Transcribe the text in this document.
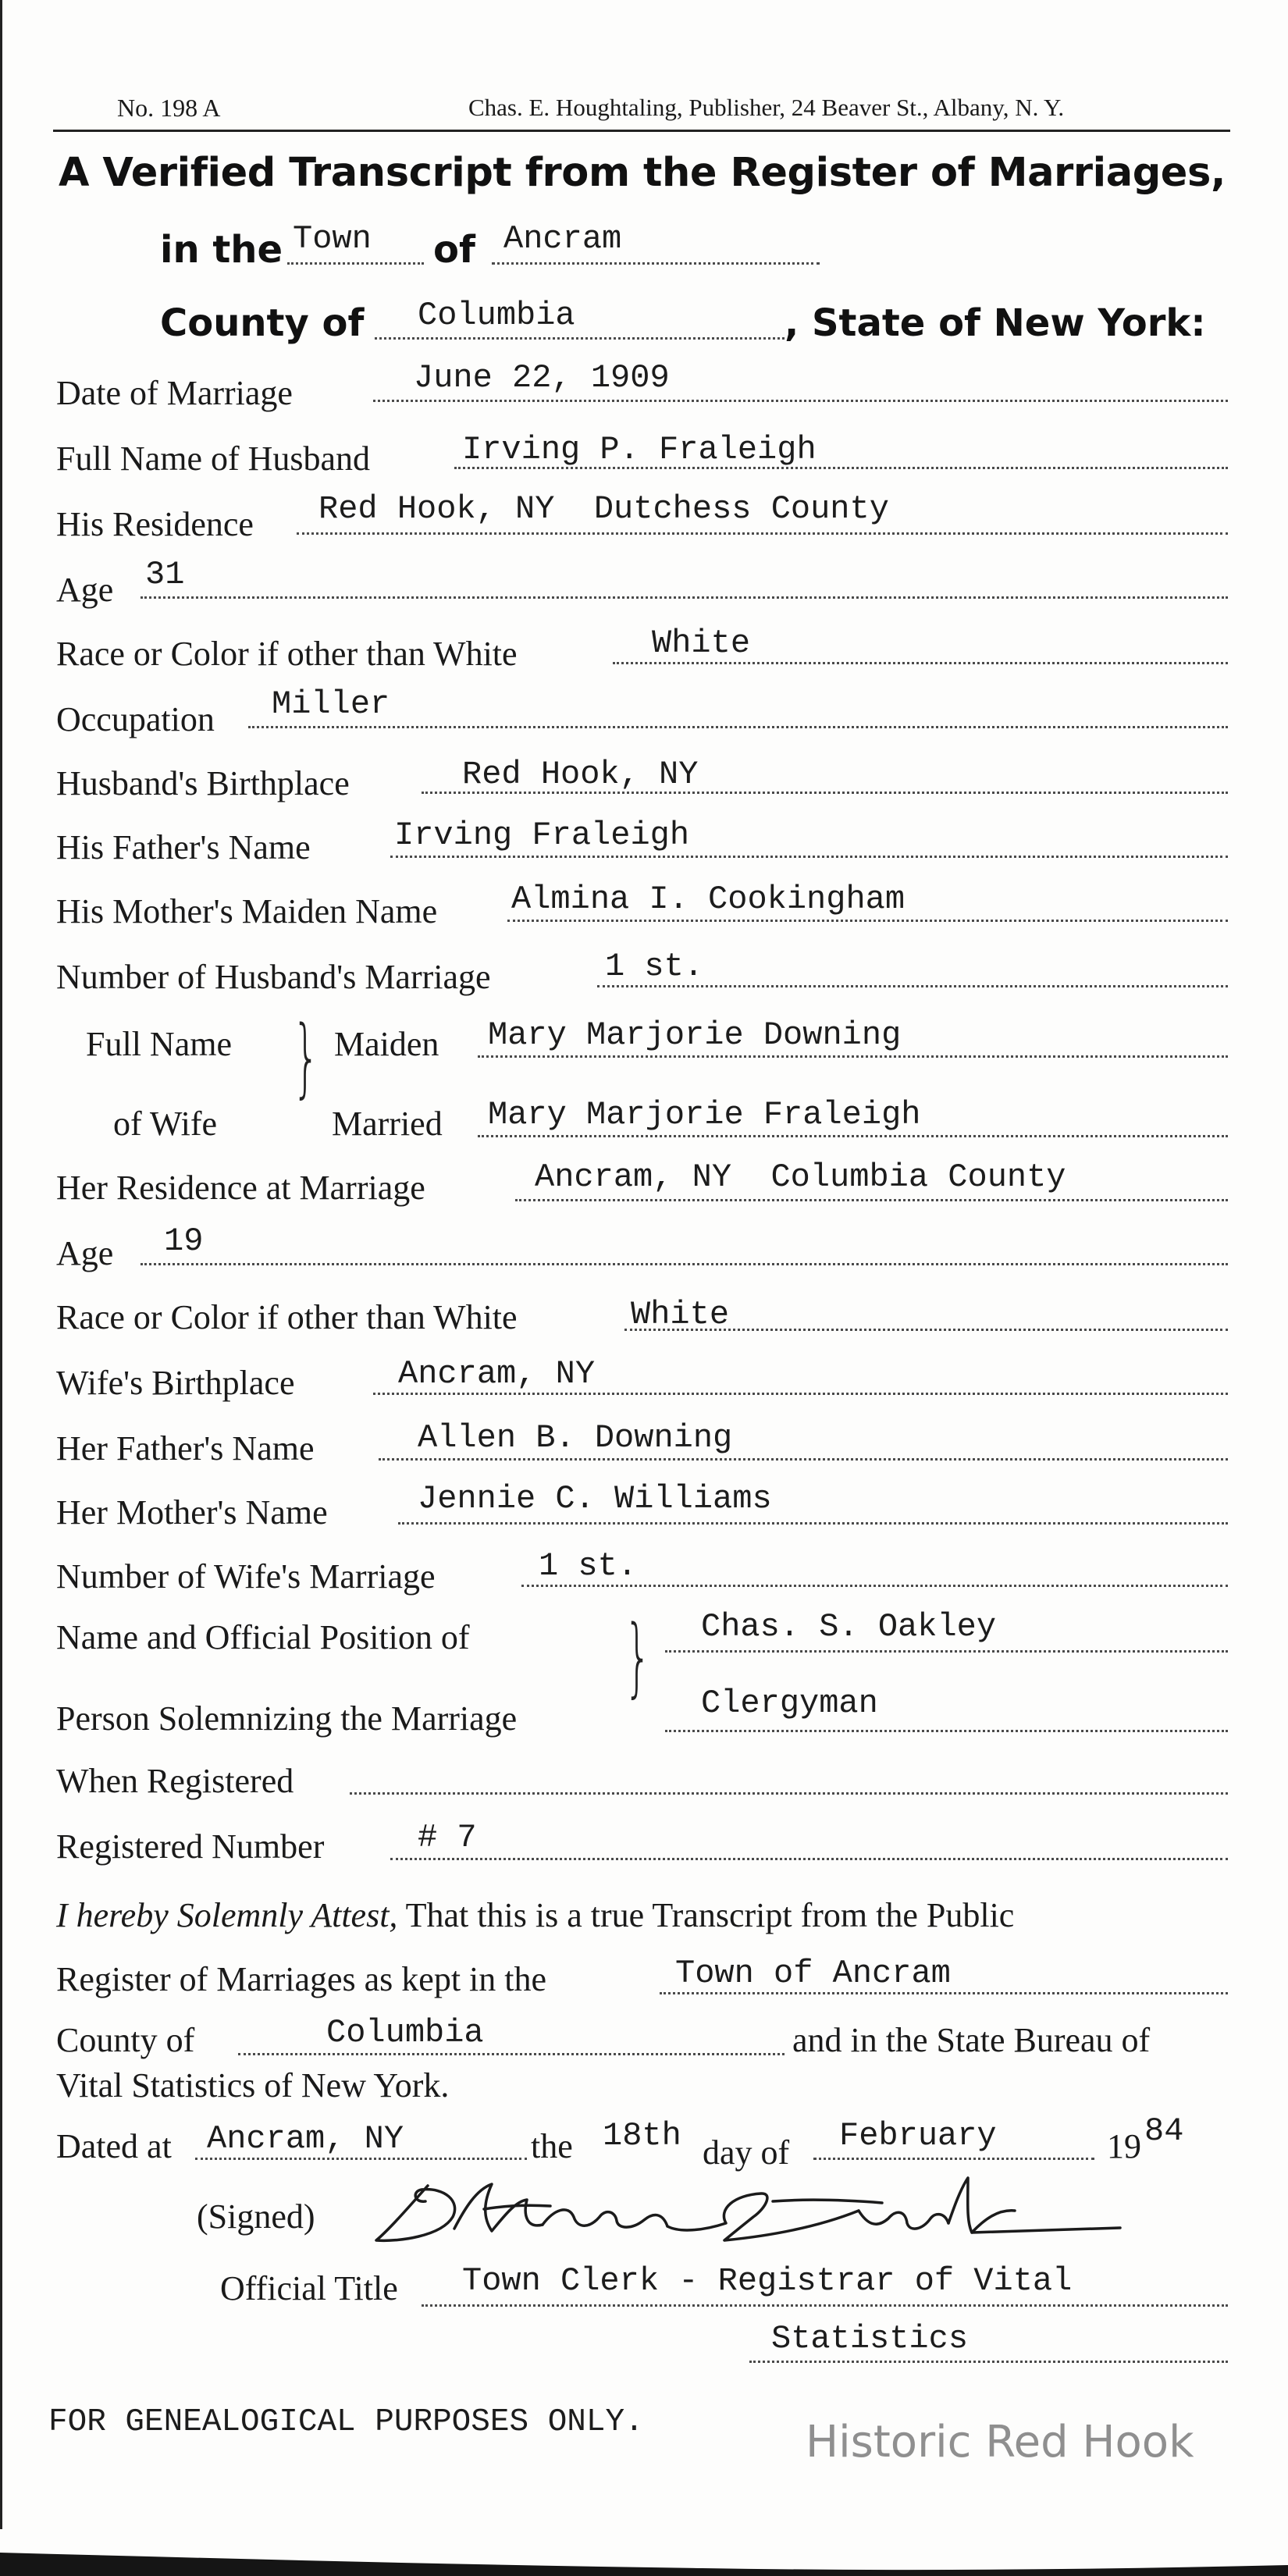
No. 198 A	Chas. E. Houghtaling, Publisher, 24 Beaver St., Albany, N. Y.
A Verified Transcript from the Register of Marriages,
in the Town of Ancram
County of Columbia	, State of New York:
Date of Marriage	June 22, 1909
Full Name of Husband	Irving P. Fraleigh
His Residence Red Hook, NY  Dutchess County
Age 31
Race or Color if other than White	White
Occupation Miller
Husband's Birthplace	Red Hook, NY
His Father's Name	Irving Fraleigh
His Mother's Maiden Name Almina I. Cookingham
Number of Husband's Marriage	1 st.
Full Name
of Wife
} Maiden Mary Marjorie Downing
Married Mary Marjorie Fraleigh
Her Residence at Marriage	Ancram, NY  Columbia County
Age 19
Race or Color if other than White	White
Wife's Birthplace	Ancram, NY
Her Father's Name	Allen B. Downing
Her Mother's Name	Jennie C. Williams
Number of Wife's Marriage	1 st.
Name and Official Position of
Person Solemnizing the Marriage
} Chas. S. Oakley
Clergyman
When Registered
Registered Number	# 7
I hereby Solemnly Attest, That this is a true Transcript from the Public
Register of Marriages as kept in the	Town of Ancram
County of	Columbia	and in the State Bureau of
Vital Statistics of New York.
Dated at Ancram, NY	the 18th day of February	19 84
(Signed)
Official Title Town Clerk - Registrar of Vital
Statistics
FOR GENEALOGICAL PURPOSES ONLY.	Historic Red Hook
